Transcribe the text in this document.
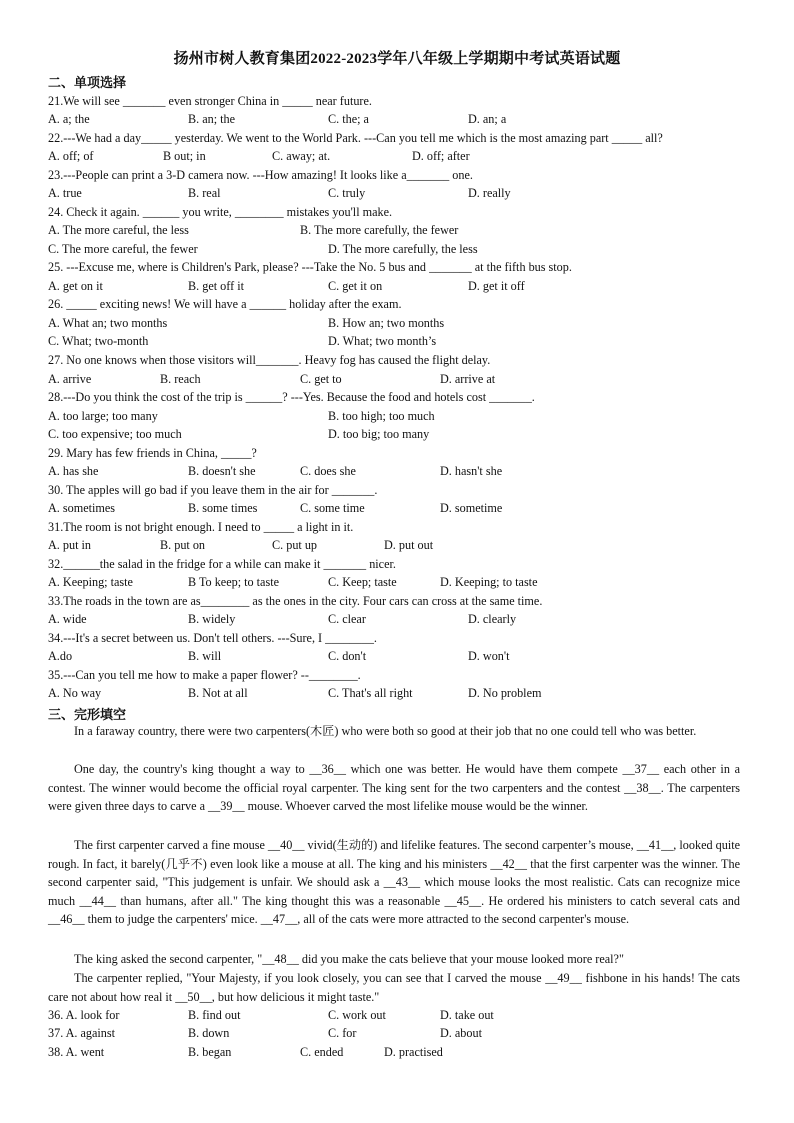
扬州市树人教育集团2022-2023学年八年级上学期期中考试英语试题
二、单项选择
21.We will see _______ even stronger China in _____ near future.
A. a; the	B. an; the	C. the; a	D. an; a
22.---We had a day_____ yesterday. We went to the World Park. ---Can you tell me which is the most amazing part _____ all?
A. off; of	B out; in	C. away; at.	D. off; after
23.---People can print a 3-D camera now. ---How amazing! It looks like a_______ one.
A. true	B. real	C. truly	D. really
24. Check it again. ______ you write, ________ mistakes you'll make.
A. The more careful, the less	B. The more carefully, the fewer
C. The more careful, the fewer	D. The more carefully, the less
25. ---Excuse me, where is Children's Park, please? ---Take the No. 5 bus and _______ at the fifth bus stop.
A. get on it	B. get off it	C. get it on	D. get it off
26. _____ exciting news! We will have a ______ holiday after the exam.
A. What an; two months	B. How an; two months
C. What; two-month	D. What; two month’s
27. No one knows when those visitors will_______. Heavy fog has caused the flight delay.
A. arrive	B. reach	C. get to	D. arrive at
28.---Do you think the cost of the trip is ______? ---Yes. Because the food and hotels cost _______.
A. too large; too many	B. too high; too much
C. too expensive; too much	D. too big; too many
29. Mary has few friends in China, _____?
A. has she	B. doesn't she	C. does she	D. hasn't she
30. The apples will go bad if you leave them in the air for _______.
A. sometimes	B. some times	C. some time	D. sometime
31.The room is not bright enough. I need to _____ a light in it.
A. put in	B. put on	C. put up	D. put out
32.______the salad in the fridge for a while can make it _______ nicer.
A. Keeping; taste	B To keep; to taste	C. Keep; taste	D. Keeping; to taste
33.The roads in the town are as________ as the ones in the city. Four cars can cross at the same time.
A. wide	B. widely	C. clear	D. clearly
34.---It's a secret between us. Don't tell others. ---Sure, I ________.
A.do	B. will	C. don't	D. won't
35.---Can you tell me how to make a paper flower? --________.
A. No way	B. Not at all	C. That's all right	D. No problem
三、完形填空
In a faraway country, there were two carpenters(木匠) who were both so good at their job that no one could tell who was better.
One day, the country's king thought a way to __36__ which one was better. He would have them compete __37__ each other in a contest. The winner would become the official royal carpenter. The king sent for the two carpenters and the contest __38__. The carpenters were given three days to carve a __39__ mouse. Whoever carved the most lifelike mouse would be the winner.
The first carpenter carved a fine mouse __40__ vivid(生动的) and lifelike features. The second carpenter’s mouse, __41__, looked quite rough. In fact, it barely(几乎不) even look like a mouse at all. The king and his ministers __42__ that the first carpenter was the winner. The second carpenter said, "This judgement is unfair. We should ask a __43__ which mouse looks the most realistic. Cats can recognize mice much __44__ than humans, after all." The king thought this was a reasonable __45__. He ordered his ministers to catch several cats and __46__ them to judge the carpenters' mice. __47__, all of the cats were more attracted to the second carpenter's mouse.
The king asked the second carpenter, "__48__ did you make the cats believe that your mouse looked more real?"
The carpenter replied, "Your Majesty, if you look closely, you can see that I carved the mouse __49__ fishbone in his hands! The cats care not about how real it __50__, but how delicious it might taste."
36. A. look for	B. find out	C. work out	D. take out
37. A. against	B. down	C. for	D. about
38. A. went	B. began	C. ended	D. practised
